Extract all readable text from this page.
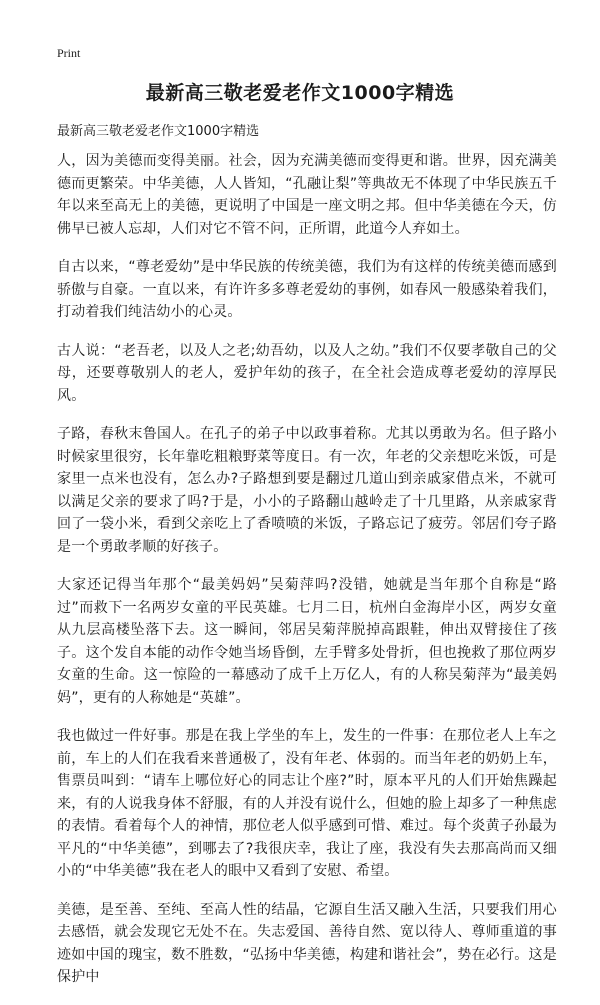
Print
最新高三敬老爱老作文1000字精选
最新高三敬老爱老作文1000字精选

人，因为美德而变得美丽。社会，因为充满美德而变得更和谐。世界，因充满美德而更繁荣。中华美德，人人皆知，“孔融让梨”等典故无不体现了中华民族五千年以来至高无上的美德，更说明了中国是一座文明之邦。但中华美德在今天，仿佛早已被人忘却，人们对它不管不问，正所谓，此道今人弃如土。

自古以来，“尊老爱幼”是中华民族的传统美德，我们为有这样的传统美德而感到骄傲与自豪。一直以来，有许许多多尊老爱幼的事例，如春风一般感染着我们，打动着我们纯洁幼小的心灵。

古人说：“老吾老，以及人之老;幼吾幼，以及人之幼。”我们不仅要孝敬自己的父母，还要尊敬别人的老人，爱护年幼的孩子，在全社会造成尊老爱幼的淳厚民风。

子路，春秋末鲁国人。在孔子的弟子中以政事着称。尤其以勇敢为名。但子路小时候家里很穷，长年靠吃粗粮野菜等度日。有一次，年老的父亲想吃米饭，可是家里一点米也没有，怎么办?子路想到要是翻过几道山到亲戚家借点米，不就可以满足父亲的要求了吗?于是，小小的子路翻山越岭走了十几里路，从亲戚家背回了一袋小米，看到父亲吃上了香喷喷的米饭，子路忘记了疲劳。邻居们夸子路是一个勇敢孝顺的好孩子。

大家还记得当年那个“最美妈妈”吴菊萍吗?没错，她就是当年那个自称是“路过”而救下一名两岁女童的平民英雄。七月二日，杭州白金海岸小区，两岁女童从九层高楼坠落下去。这一瞬间，邻居吴菊萍脱掉高跟鞋，伸出双臂接住了孩子。这个发自本能的动作令她当场昏倒，左手臂多处骨折，但也挽救了那位两岁女童的生命。这一惊险的一幕感动了成千上万亿人，有的人称吴菊萍为“最美妈妈”，更有的人称她是“英雄”。

我也做过一件好事。那是在我上学坐的车上，发生的一件事：在那位老人上车之前，车上的人们在我看来普通极了，没有年老、体弱的。而当年老的奶奶上车，售票员叫到：“请车上哪位好心的同志让个座?”时，原本平凡的人们开始焦躁起来，有的人说我身体不舒服，有的人并没有说什么，但她的脸上却多了一种焦虑的表情。看着每个人的神情，那位老人似乎感到可惜、难过。每个炎黄子孙最为平凡的“中华美德”，到哪去了?我很庆幸，我让了座，我没有失去那高尚而又细小的“中华美德”我在老人的眼中又看到了安慰、希望。

美德，是至善、至纯、至高人性的结晶，它源自生活又融入生活，只要我们用心去感悟，就会发现它无处不在。失志爱国、善待自然、宽以待人、尊师重道的事迹如中国的瑰宝，数不胜数，“弘扬中华美德，构建和谐社会”，势在必行。这是保护中
